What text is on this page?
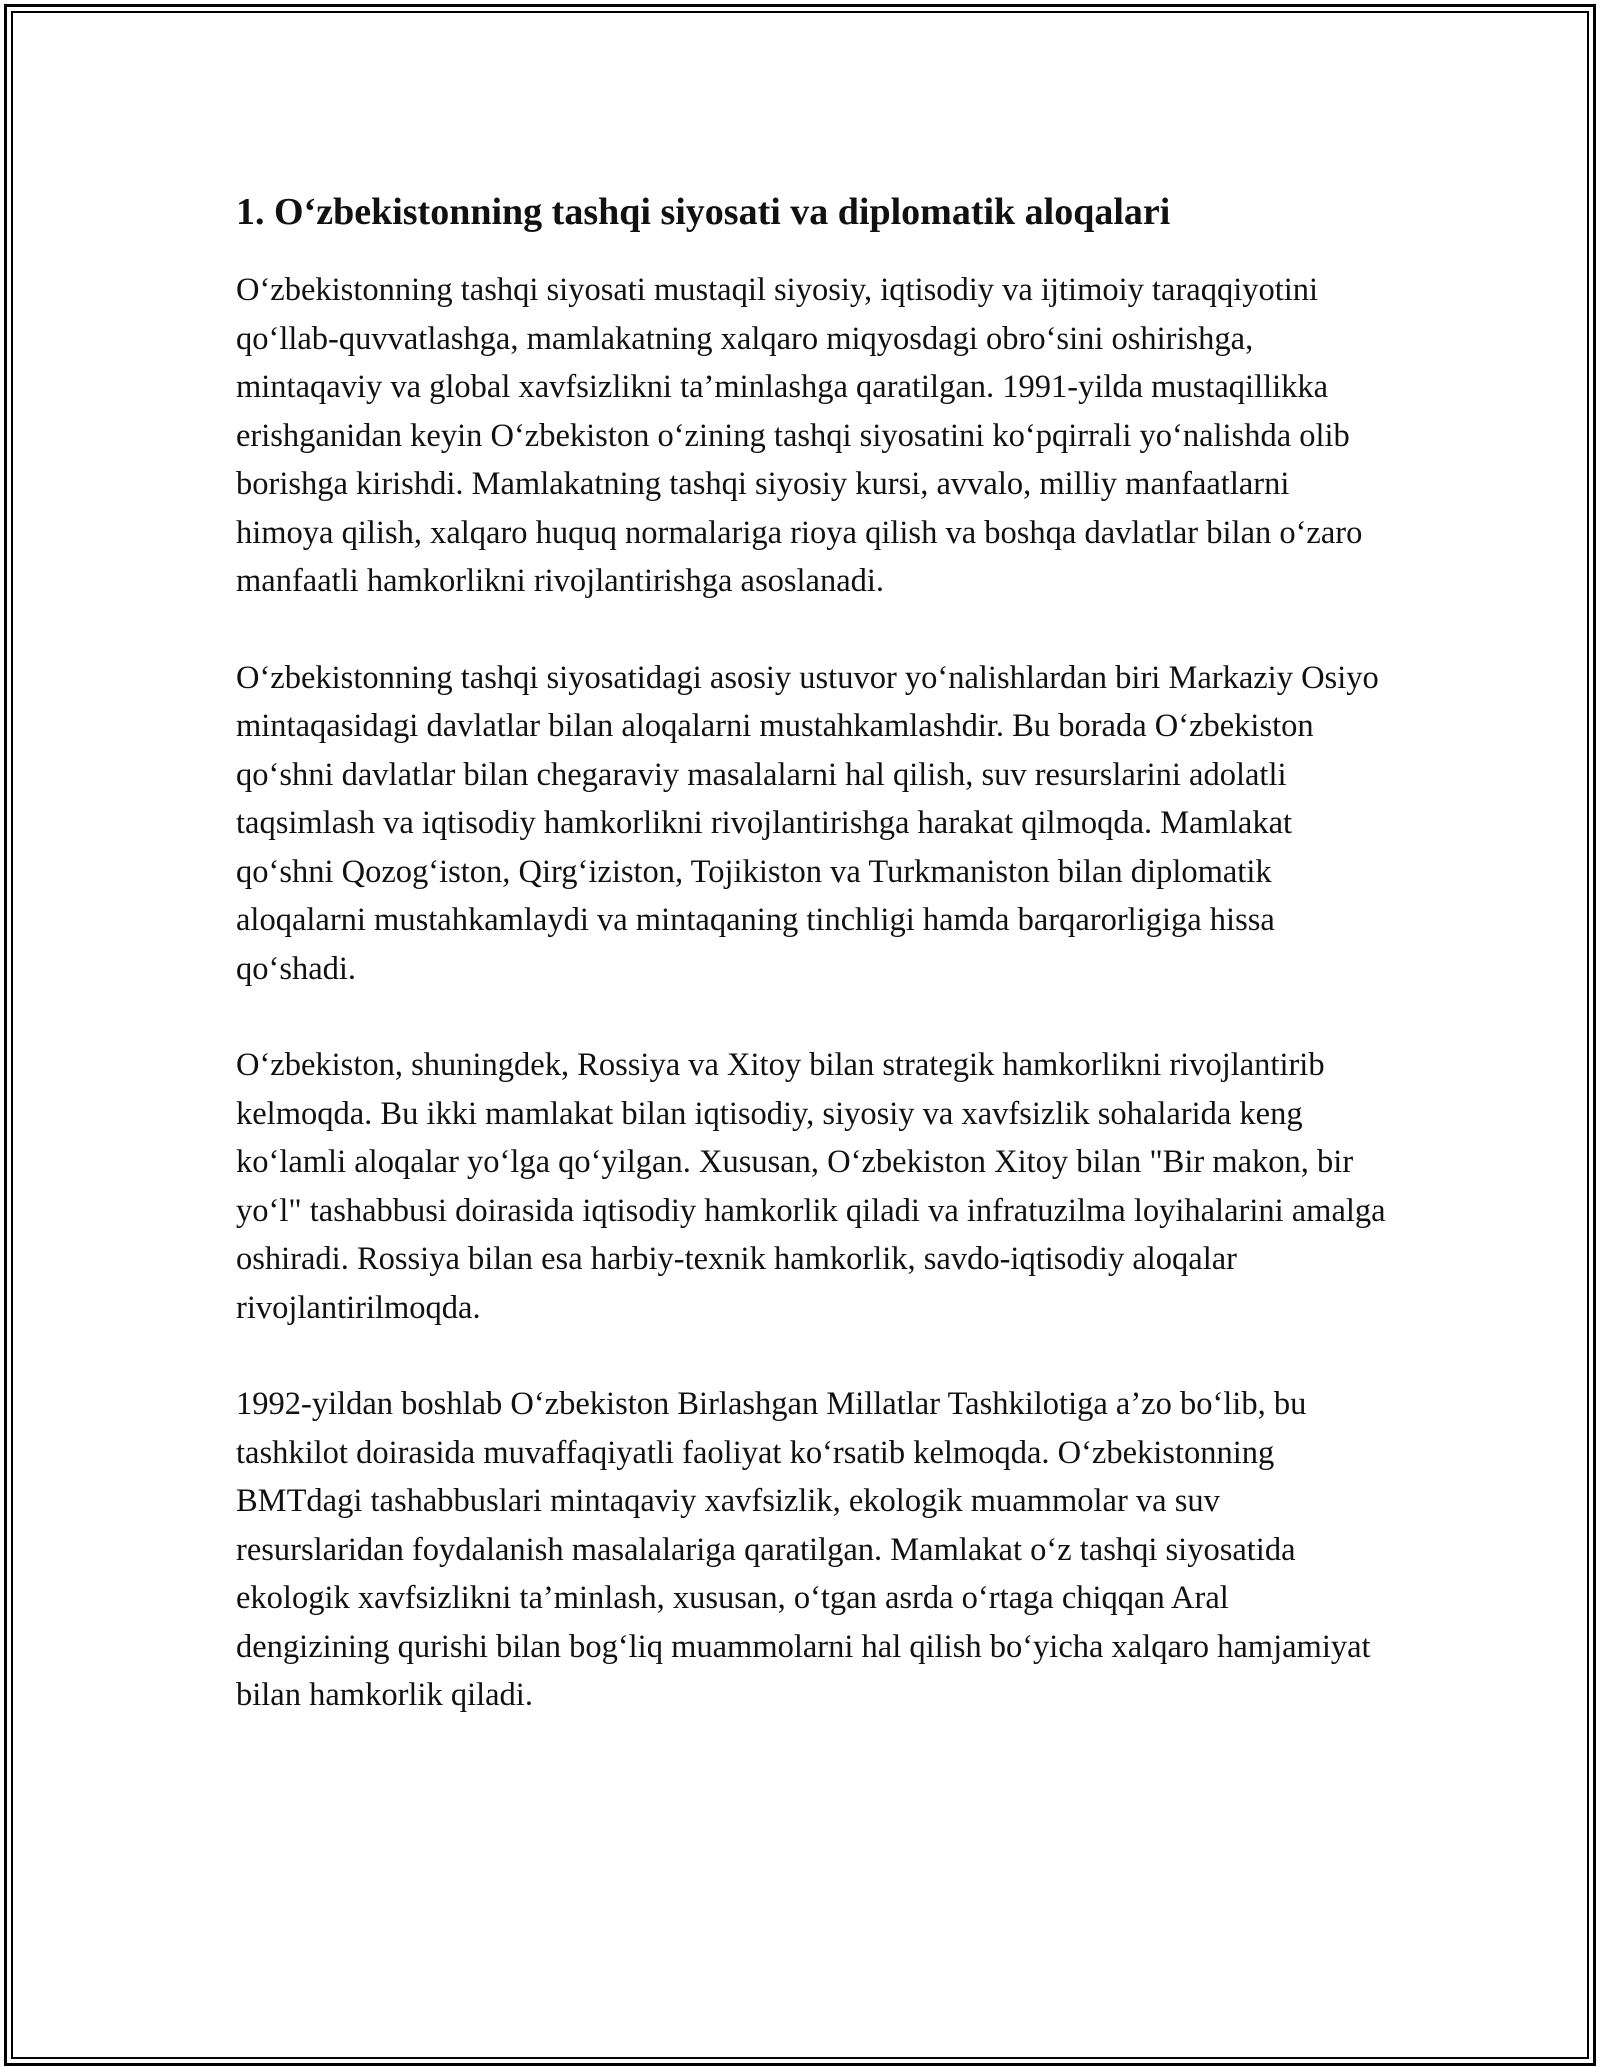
1. O‘zbekistonning tashqi siyosati va diplomatik aloqalari

O‘zbekistonning tashqi siyosati mustaqil siyosiy, iqtisodiy va ijtimoiy taraqqiyotini qo‘llab-quvvatlashga, mamlakatning xalqaro miqyosdagi obro‘sini oshirishga, mintaqaviy va global xavfsizlikni ta’minlashga qaratilgan. 1991-yilda mustaqillikka erishganidan keyin O‘zbekiston o‘zining tashqi siyosatini ko‘pqirrali yo‘nalishda olib borishga kirishdi. Mamlakatning tashqi siyosiy kursi, avvalo, milliy manfaatlarni himoya qilish, xalqaro huquq normalariga rioya qilish va boshqa davlatlar bilan o‘zaro manfaatli hamkorlikni rivojlantirishga asoslanadi.

O‘zbekistonning tashqi siyosatidagi asosiy ustuvor yo‘nalishlardan biri Markaziy Osiyo mintaqasidagi davlatlar bilan aloqalarni mustahkamlashdir. Bu borada O‘zbekiston qo‘shni davlatlar bilan chegaraviy masalalarni hal qilish, suv resurslarini adolatli taqsimlash va iqtisodiy hamkorlikni rivojlantirishga harakat qilmoqda. Mamlakat qo‘shni Qozog‘iston, Qirg‘iziston, Tojikiston va Turkmaniston bilan diplomatik aloqalarni mustahkamlaydi va mintaqaning tinchligi hamda barqarorligiga hissa qo‘shadi.

O‘zbekiston, shuningdek, Rossiya va Xitoy bilan strategik hamkorlikni rivojlantirib kelmoqda. Bu ikki mamlakat bilan iqtisodiy, siyosiy va xavfsizlik sohalarida keng ko‘lamli aloqalar yo‘lga qo‘yilgan. Xususan, O‘zbekiston Xitoy bilan "Bir makon, bir yo‘l" tashabbusi doirasida iqtisodiy hamkorlik qiladi va infratuzilma loyihalarini amalga oshiradi. Rossiya bilan esa harbiy-texnik hamkorlik, savdo-iqtisodiy aloqalar rivojlantirilmoqda.

1992-yildan boshlab O‘zbekiston Birlashgan Millatlar Tashkilotiga a’zo bo‘lib, bu tashkilot doirasida muvaffaqiyatli faoliyat ko‘rsatib kelmoqda. O‘zbekistonning BMTdagi tashabbuslari mintaqaviy xavfsizlik, ekologik muammolar va suv resurslaridan foydalanish masalalariga qaratilgan. Mamlakat o‘z tashqi siyosatida ekologik xavfsizlikni ta’minlash, xususan, o‘tgan asrda o‘rtaga chiqqan Aral dengizining qurishi bilan bog‘liq muammolarni hal qilish bo‘yicha xalqaro hamjamiyat bilan hamkorlik qiladi.
